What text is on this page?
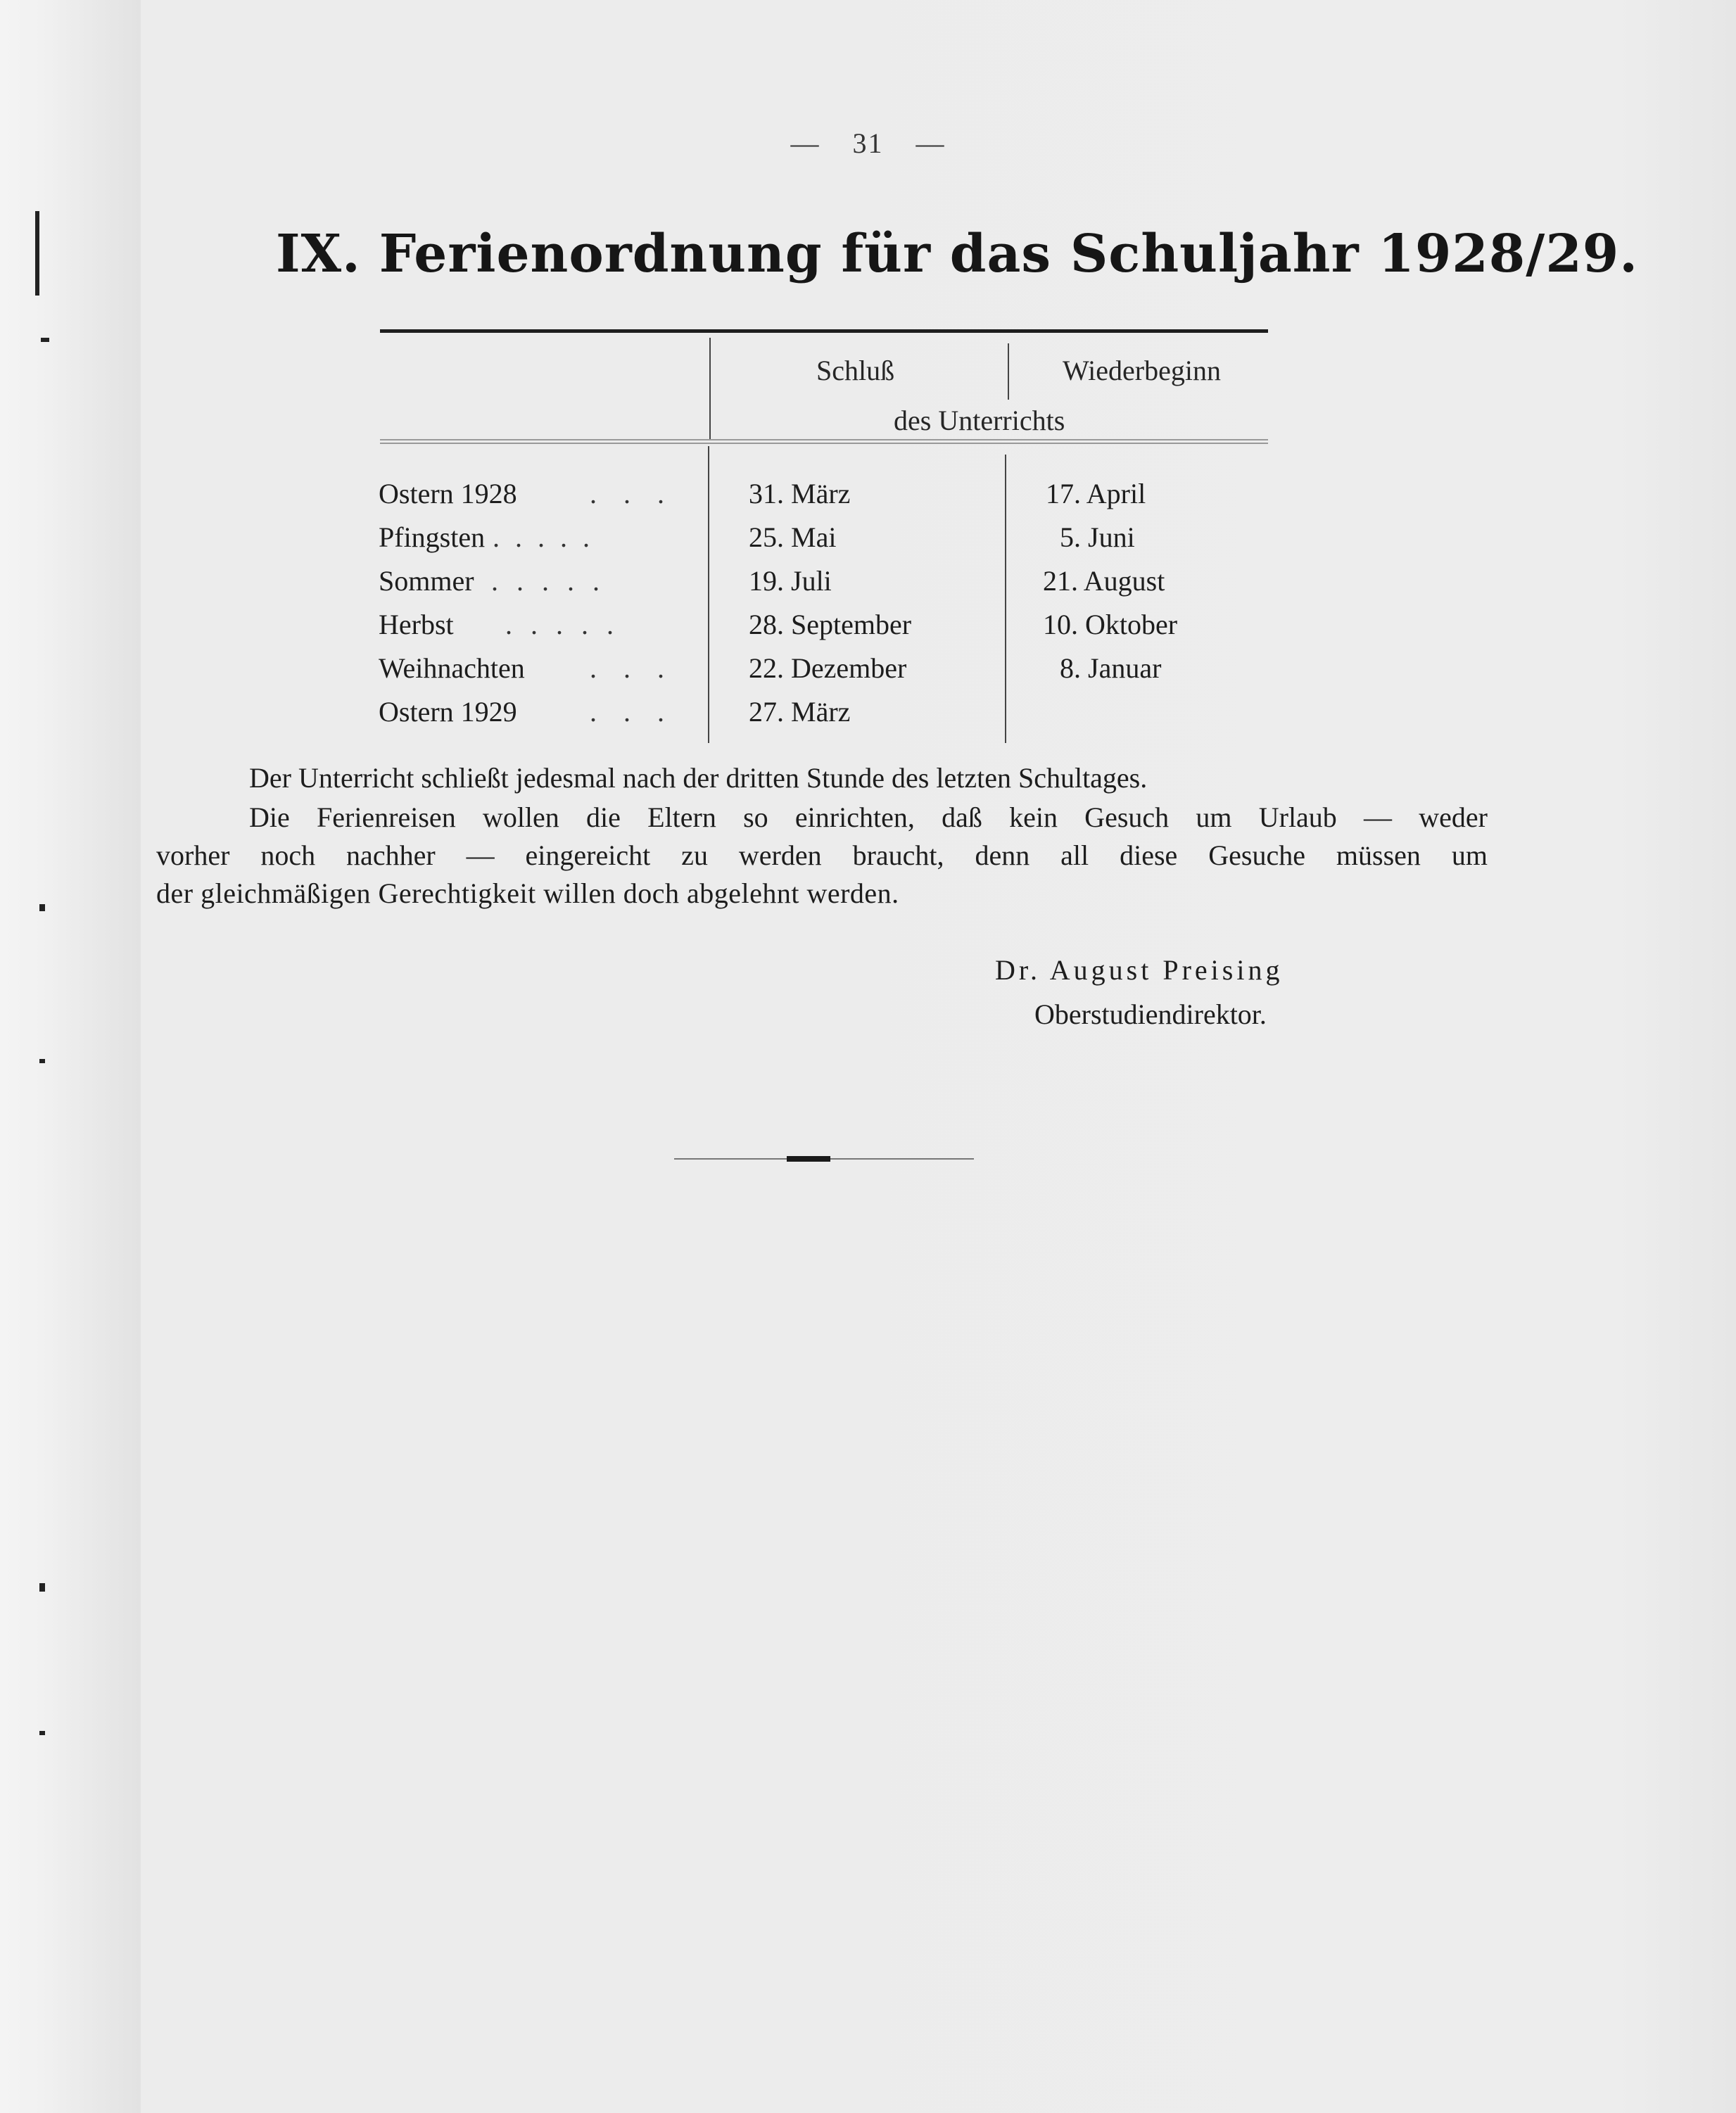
— 31 —
IX. Ferienordnung für das Schuljahr 1928/29.
Schluß	Wiederbeginn
des Unterrichts
Ostern 1928	. . .	31. März	17. April
Pfingsten . . . . .	25. Mai	5. Juni
Sommer . . . . .	19. Juli	21. August
Herbst . . . . .	28. September	10. Oktober
Weihnachten . . .	22. Dezember	8. Januar
Ostern 1929	. . .	27. März
Der Unterricht schließt jedesmal nach der dritten Stunde des letzten Schultages.
Die Ferienreisen wollen die Eltern so einrichten, daß kein Gesuch um Urlaub — weder
vorher noch nachher — eingereicht zu werden braucht, denn all diese Gesuche müssen um
der gleichmäßigen Gerechtigkeit willen doch abgelehnt werden.
Dr. August Preising
Oberstudiendirektor.
